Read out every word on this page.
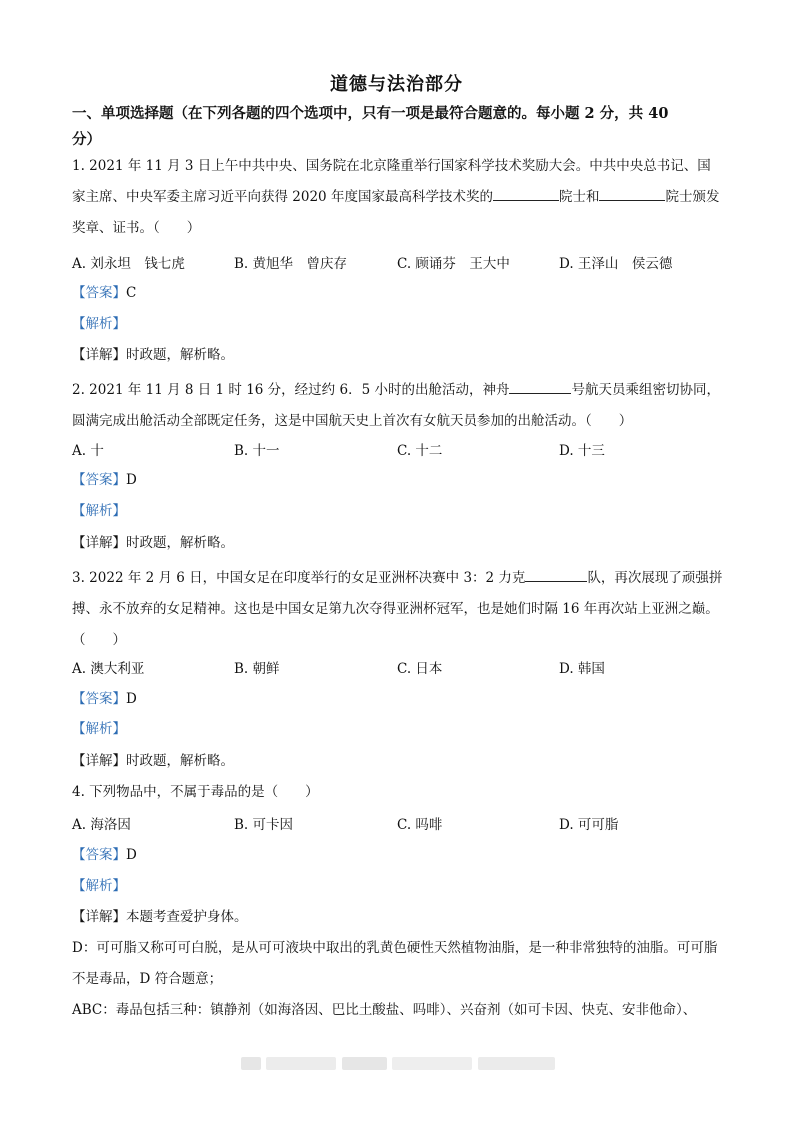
道德与法治部分
一、单项选择题（在下列各题的四个选项中，只有一项是最符合题意的。每小题 2 分，共 40
分）
1. 2021 年 11 月 3 日上午中共中央、国务院在北京隆重举行国家科学技术奖励大会。中共中央总书记、国家主席、中央军委主席习近平向获得 2020 年度国家最高科学技术奖的	院士和	院士颁发奖章、证书。（　　）
A. 刘永坦　钱七虎	B. 黄旭华　曾庆存	C. 顾诵芬　王大中	D. 王泽山　侯云德
【答案】C
【解析】
【详解】时政题，解析略。
2. 2021 年 11 月 8 日 1 时 16 分，经过约 6．5 小时的出舱活动，神舟	号航天员乘组密切协同，圆满完成出舱活动全部既定任务，这是中国航天史上首次有女航天员参加的出舱活动。（　　）
A. 十	B. 十一	C. 十二	D. 十三
【答案】D
【解析】
【详解】时政题，解析略。
3. 2022 年 2 月 6 日，中国女足在印度举行的女足亚洲杯决赛中 3：2 力克	队，再次展现了顽强拼搏、永不放弃的女足精神。这也是中国女足第九次夺得亚洲杯冠军，也是她们时隔 16 年再次站上亚洲之巅。（　　）
A. 澳大利亚	B. 朝鲜	C. 日本	D. 韩国
【答案】D
【解析】
【详解】时政题，解析略。
4. 下列物品中，不属于毒品的是（　　）
A. 海洛因	B. 可卡因	C. 吗啡	D. 可可脂
【答案】D
【解析】
【详解】本题考查爱护身体。
D：可可脂又称可可白脱，是从可可液块中取出的乳黄色硬性天然植物油脂，是一种非常独特的油脂。可可脂不是毒品，D 符合题意；
ABC：毒品包括三种：镇静剂（如海洛因、巴比土酸盐、吗啡）、兴奋剂（如可卡因、快克、安非他命）、
